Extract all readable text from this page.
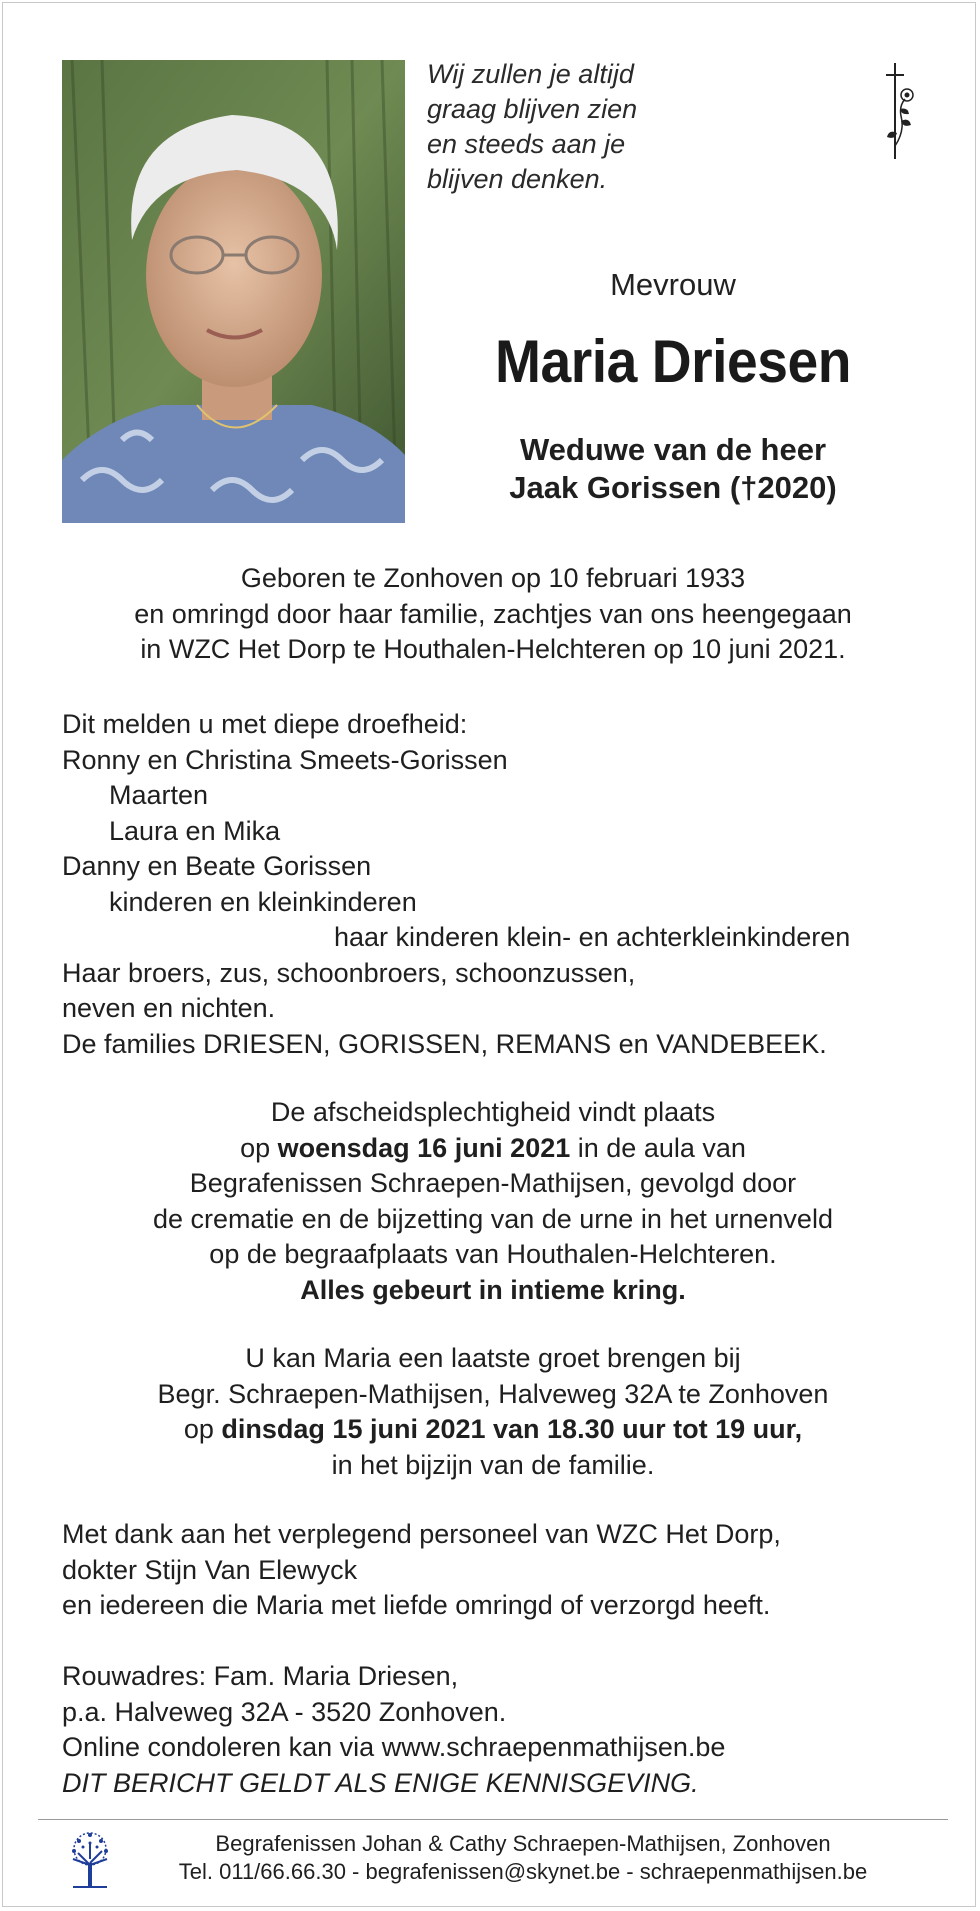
Wij zullen je altijd
graag blijven zien
en steeds aan je
blijven denken.
Mevrouw
Maria Driesen
Weduwe van de heer
Jaak Gorissen (†2020)
Geboren te Zonhoven op 10 februari 1933
en omringd door haar familie, zachtjes van ons heengegaan
in WZC Het Dorp te Houthalen-Helchteren op 10 juni 2021.
Dit melden u met diepe droefheid:
Ronny en Christina Smeets-Gorissen
Maarten
Laura en Mika
Danny en Beate Gorissen
kinderen en kleinkinderen
haar kinderen klein- en achterkleinkinderen
Haar broers, zus, schoonbroers, schoonzussen,
neven en nichten.
De families DRIESEN, GORISSEN, REMANS en VANDEBEEK.
De afscheidsplechtigheid vindt plaats
op woensdag 16 juni 2021 in de aula van
Begrafenissen Schraepen-Mathijsen, gevolgd door
de crematie en de bijzetting van de urne in het urnenveld
op de begraafplaats van Houthalen-Helchteren.
Alles gebeurt in intieme kring.
U kan Maria een laatste groet brengen bij
Begr. Schraepen-Mathijsen, Halveweg 32A te Zonhoven
op dinsdag 15 juni 2021 van 18.30 uur tot 19 uur,
in het bijzijn van de familie.
Met dank aan het verplegend personeel van WZC Het Dorp,
dokter Stijn Van Elewyck
en iedereen die Maria met liefde omringd of verzorgd heeft.
Rouwadres: Fam. Maria Driesen,
p.a. Halveweg 32A - 3520 Zonhoven.
Online condoleren kan via www.schraepenmathijsen.be
DIT BERICHT GELDT ALS ENIGE KENNISGEVING.
Begrafenissen Johan & Cathy Schraepen-Mathijsen, Zonhoven
Tel. 011/66.66.30 - begrafenissen@skynet.be - schraepenmathijsen.be
